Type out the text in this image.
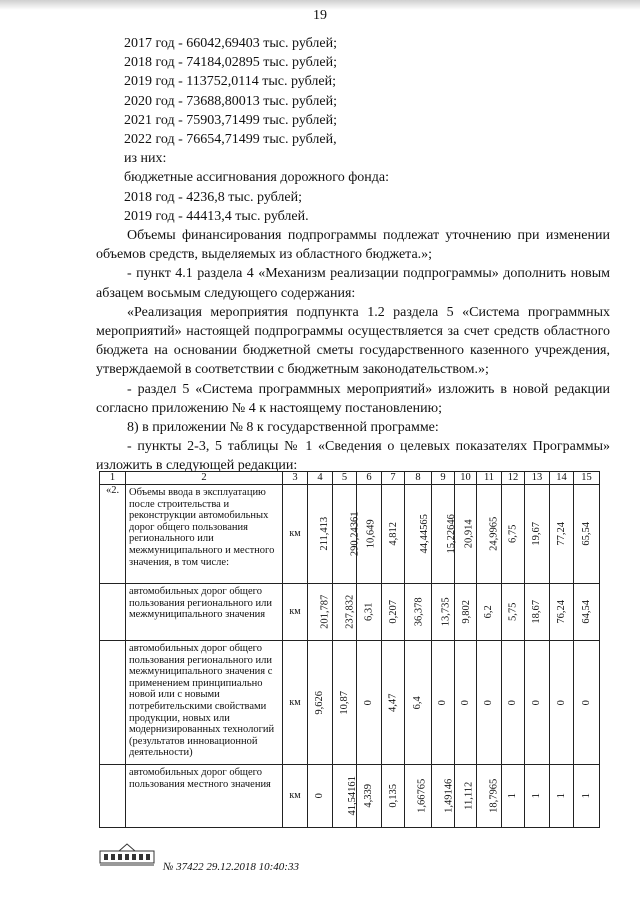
19

2017 год - 66042,69403 тыс. рублей;

2018 год - 74184,02895 тыс. рублей;

2019 год - 113752,0114 тыс. рублей;

2020 год - 73688,80013 тыс. рублей;

2021 год - 75903,71499 тыс. рублей;

2022 год - 76654,71499 тыс. рублей,

из них:

бюджетные ассигнования дорожного фонда:

2018 год - 4236,8 тыс. рублей;

2019 год - 44413,4 тыс. рублей.

Объемы финансирования подпрограммы подлежат уточнению при изменении объемов средств, выделяемых из областного бюджета.»;

- пункт 4.1 раздела 4 «Механизм реализации подпрограммы» дополнить новым абзацем восьмым следующего содержания:

«Реализация мероприятия подпункта 1.2 раздела 5 «Система программных мероприятий» настоящей подпрограммы осуществляется за счет средств областного бюджета на основании бюджетной сметы государственного казенного учреждения, утверждаемой в соответствии с бюджетным законодательством.»;

- раздел 5 «Система программных мероприятий» изложить в новой редакции согласно приложению № 4 к настоящему постановлению;

8) в приложении № 8 к государственной программе:

- пункты 2-3, 5 таблицы № 1 «Сведения о целевых показателях Программы» изложить в следующей редакции:

1	2	3	4	5	6	7	8	9	10	11	12	13	14	15
«2.	Объемы ввода в эксплуатацию после строительства и реконструкции автомобильных дорог общего пользования регионального или межмуниципального и местного значения, в том числе:	км	211,413	290,24361	10,649	4,812	44,44565	15,22646	20,914	24,9965	6,75	19,67	77,24	65,54
	автомобильных дорог общего пользования регионального или межмуниципального значения	км	201,787	237,832	6,31	0,207	36,378	13,735	9,802	6,2	5,75	18,67	76,24	64,54
	автомобильных дорог общего пользования регионального или межмуниципального значения с применением принципиально новой или с новыми потребительскими свойствами продукции, новых или модернизированных технологий (результатов инновационной деятельности)	км	9,626	10,87	0	4,47	6,4	0	0	0	0	0	0	0
	автомобильных дорог общего пользования местного значения	км	0	41,54161	4,339	0,135	1,66765	1,49146	11,112	18,7965	1	1	1	1
№ 37422 29.12.2018 10:40:33
